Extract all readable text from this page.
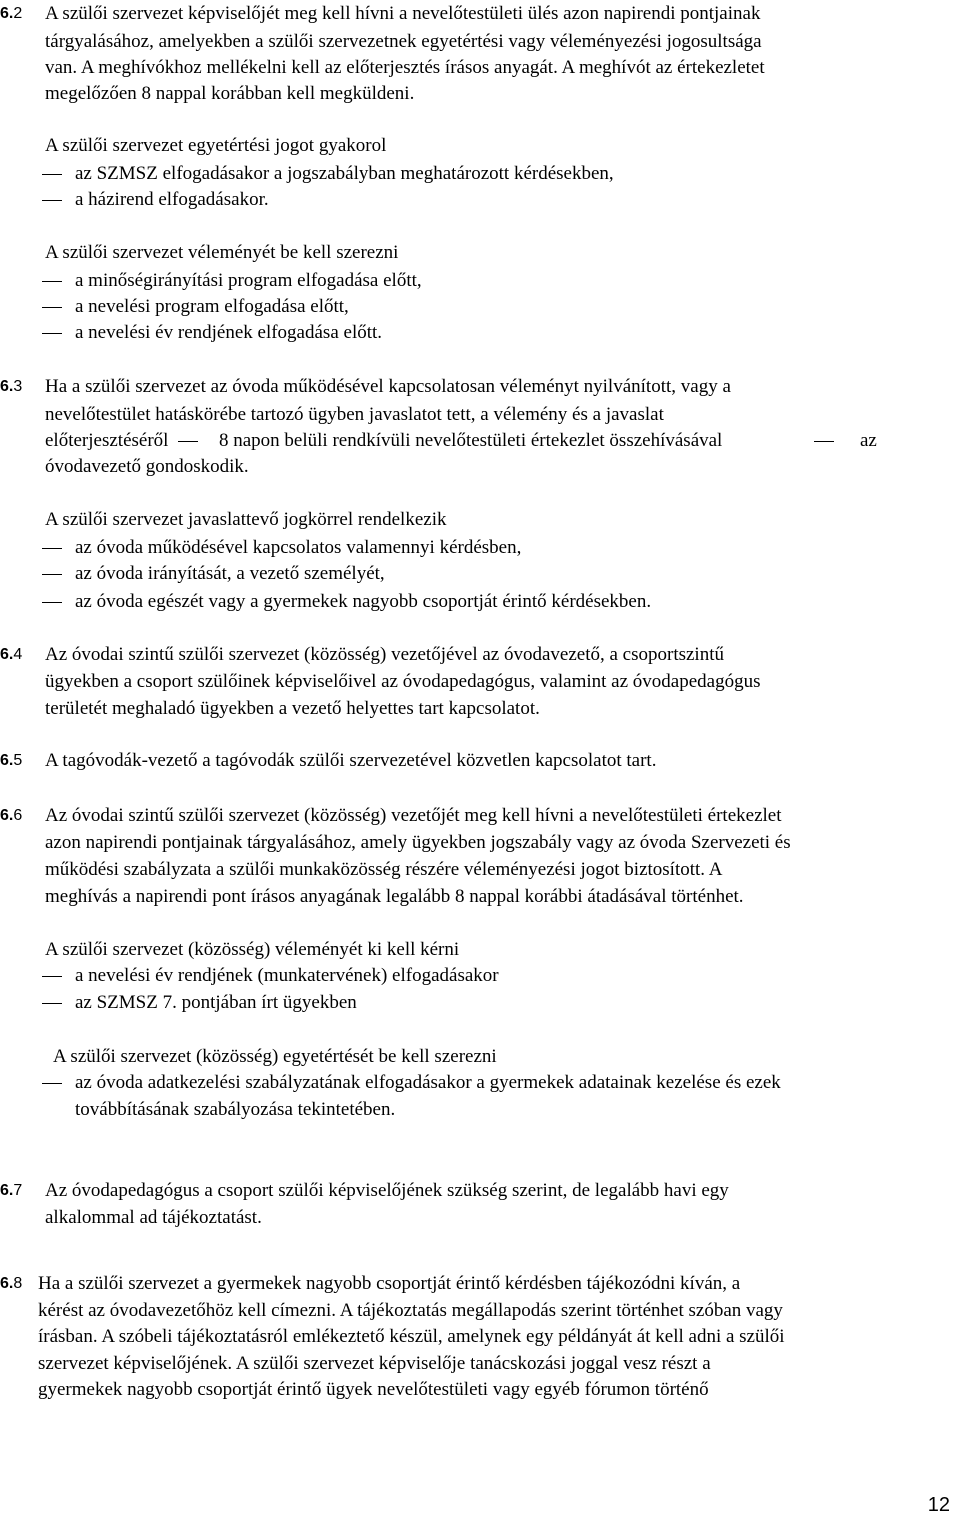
6.2	A szülői szervezet képviselőjét meg kell hívni a nevelőtestületi ülés azon napirendi pontjainak
tárgyalásához, amelyekben a szülői szervezetnek egyetértési vagy véleményezési jogosultsága
van. A meghívókhoz mellékelni kell az előterjesztés írásos anyagát. A meghívót az értekezletet
megelőzően 8 nappal korábban kell megküldeni.
A szülői szervezet egyetértési jogot gyakorol
az SZMSZ elfogadásakor a jogszabályban meghatározott kérdésekben,
a házirend elfogadásakor.
A szülői szervezet véleményét be kell szerezni
a minőségirányítási program elfogadása előtt,
a nevelési program elfogadása előtt,
a nevelési év rendjének elfogadása előtt.
6.3	Ha a szülői szervezet az óvoda működésével kapcsolatosan véleményt nyilvánított, vagy a
nevelőtestület hatáskörébe tartozó ügyben javaslatot tett, a vélemény és a javaslat
előterjesztéséről	8 napon belüli rendkívüli nevelőtestületi értekezlet összehívásával	az
óvodavezető gondoskodik.
A szülői szervezet javaslattevő jogkörrel rendelkezik
az óvoda működésével kapcsolatos valamennyi kérdésben,
az óvoda irányítását, a vezető személyét,
az óvoda egészét vagy a gyermekek nagyobb csoportját érintő kérdésekben.
6.4	Az óvodai szintű szülői szervezet (közösség) vezetőjével az óvodavezető, a csoportszintű
ügyekben a csoport szülőinek képviselőivel az óvodapedagógus, valamint az óvodapedagógus
területét meghaladó ügyekben a vezető helyettes tart kapcsolatot.
6.5	A tagóvodák-vezető a tagóvodák szülői szervezetével közvetlen kapcsolatot tart.
6.6	Az óvodai szintű szülői szervezet (közösség) vezetőjét meg kell hívni a nevelőtestületi értekezlet
azon napirendi pontjainak tárgyalásához, amely ügyekben jogszabály vagy az óvoda Szervezeti és
működési szabályzata a szülői munkaközösség részére véleményezési jogot biztosított. A
meghívás a napirendi pont írásos anyagának legalább 8 nappal korábbi átadásával történhet.
A szülői szervezet (közösség) véleményét ki kell kérni
a nevelési év rendjének (munkatervének) elfogadásakor
az SZMSZ 7. pontjában írt ügyekben
A szülői szervezet (közösség) egyetértését be kell szerezni
az óvoda adatkezelési szabályzatának elfogadásakor a gyermekek adatainak kezelése és ezek
továbbításának szabályozása tekintetében.
6.7	Az óvodapedagógus a csoport szülői képviselőjének szükség szerint, de legalább havi egy
alkalommal ad tájékoztatást.
6.8 Ha a szülői szervezet a gyermekek nagyobb csoportját érintő kérdésben tájékozódni kíván, a
kérést az óvodavezetőhöz kell címezni. A tájékoztatás megállapodás szerint történhet szóban vagy
írásban. A szóbeli tájékoztatásról emlékeztető készül, amelynek egy példányát át kell adni a szülői
szervezet képviselőjének. A szülői szervezet képviselője tanácskozási joggal vesz részt a
gyermekek nagyobb csoportját érintő ügyek nevelőtestületi vagy egyéb fórumon történő
12
